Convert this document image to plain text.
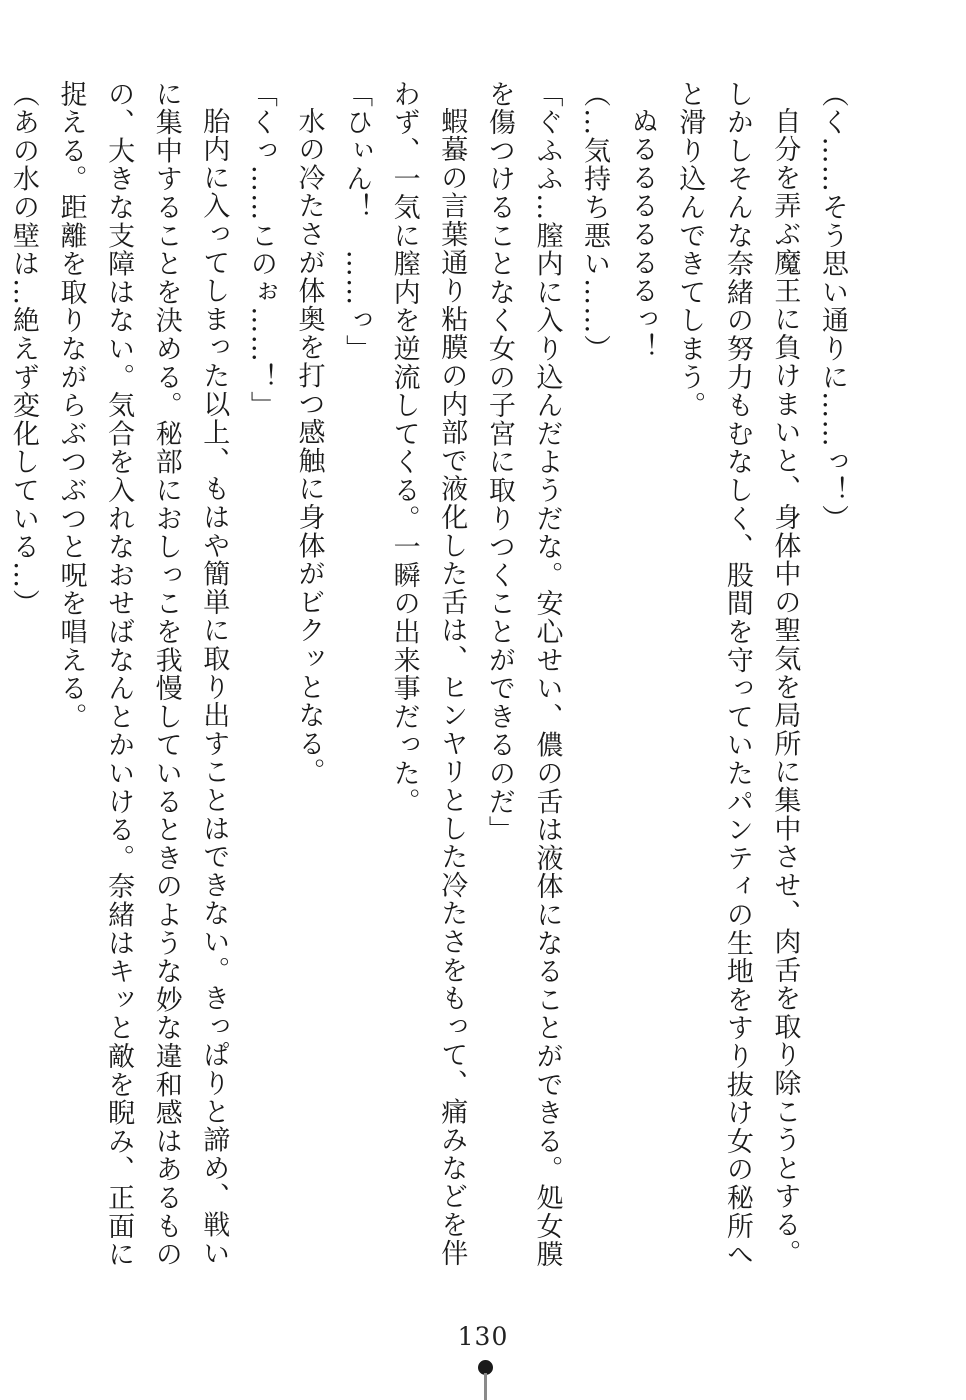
（く……そう思い通りに……っ！）

自分を弄ぶ魔王に負けまいと、身体中の聖気を局所に集中させ、肉舌を取り除こうとする。しかしそんな奈緒の努力もむなしく、股間を守っていたパンティの生地をすり抜け女の秘所へと滑り込んできてしまう。

ぬるるるるるるっ！

（…気持ち悪い……）

「ぐふふ…膣内に入り込んだようだな。安心せい、儂の舌は液体になることができる。処女膜を傷つけることなく女の子宮に取りつくことができるのだ」

蝦蟇の言葉通り粘膜の内部で液化した舌は、ヒンヤリとした冷たさをもって、痛みなどを伴わず、一気に膣内を逆流してくる。一瞬の出来事だった。

「ひぃん！　……っ」

水の冷たさが体奥を打つ感触に身体がビクッとなる。

「くっ……このぉ……！」

胎内に入ってしまった以上、もはや簡単に取り出すことはできない。きっぱりと諦め、戦いに集中することを決める。秘部におしっこを我慢しているときのような妙な違和感はあるものの、大きな支障はない。気合を入れなおせばなんとかいける。奈緒はキッと敵を睨み、正面に捉える。距離を取りながらぶつぶつと呪を唱える。

（あの水の壁は…絶えず変化している…）

130
